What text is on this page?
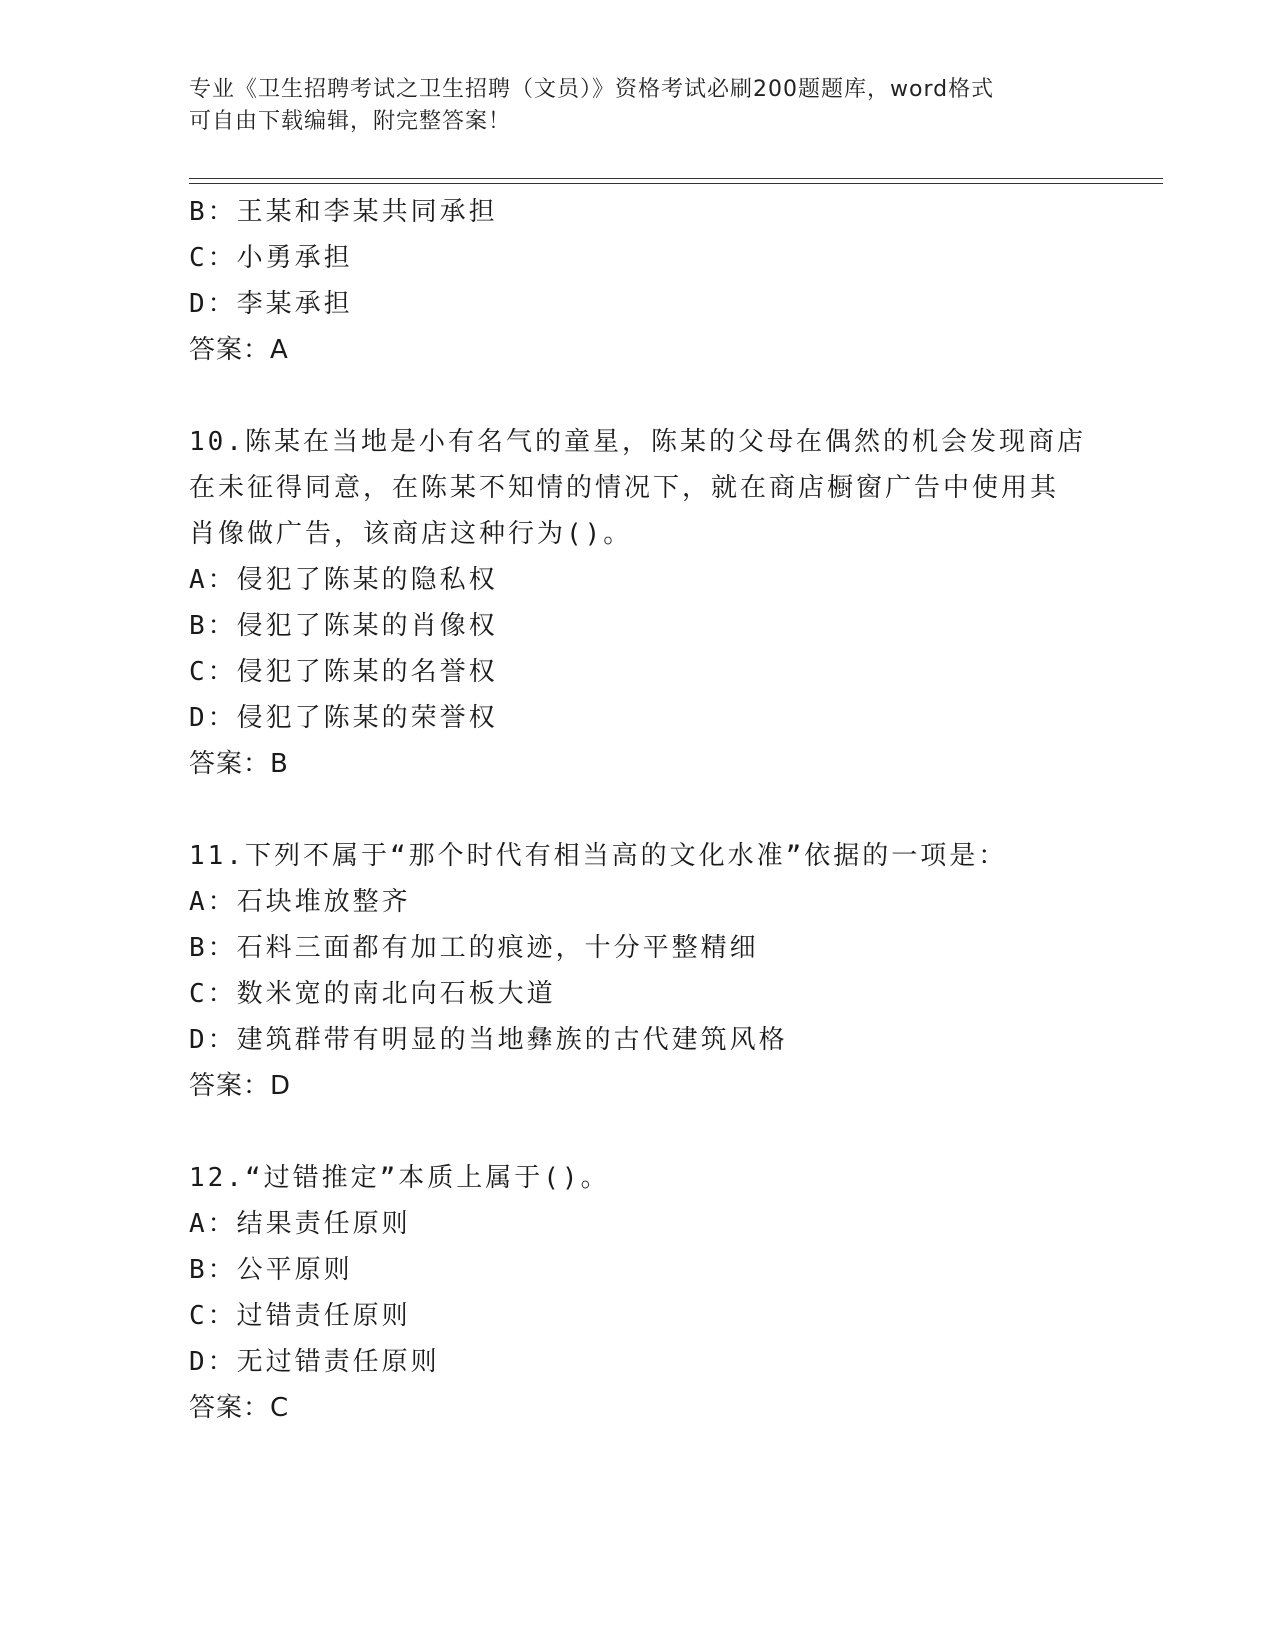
专业《卫生招聘考试之卫生招聘（文员）》资格考试必刷200题题库，word格式
可自由下载编辑，附完整答案！
B：王某和李某共同承担
C：小勇承担
D：李某承担
答案：A
10.陈某在当地是小有名气的童星，陈某的父母在偶然的机会发现商店
在未征得同意，在陈某不知情的情况下，就在商店橱窗广告中使用其
肖像做广告，该商店这种行为()。
A：侵犯了陈某的隐私权
B：侵犯了陈某的肖像权
C：侵犯了陈某的名誉权
D：侵犯了陈某的荣誉权
答案：B
11.下列不属于“那个时代有相当高的文化水准”依据的一项是：
A：石块堆放整齐
B：石料三面都有加工的痕迹，十分平整精细
C：数米宽的南北向石板大道
D：建筑群带有明显的当地彝族的古代建筑风格
答案：D
12.“过错推定”本质上属于()。
A：结果责任原则
B：公平原则
C：过错责任原则
D：无过错责任原则
答案：C
